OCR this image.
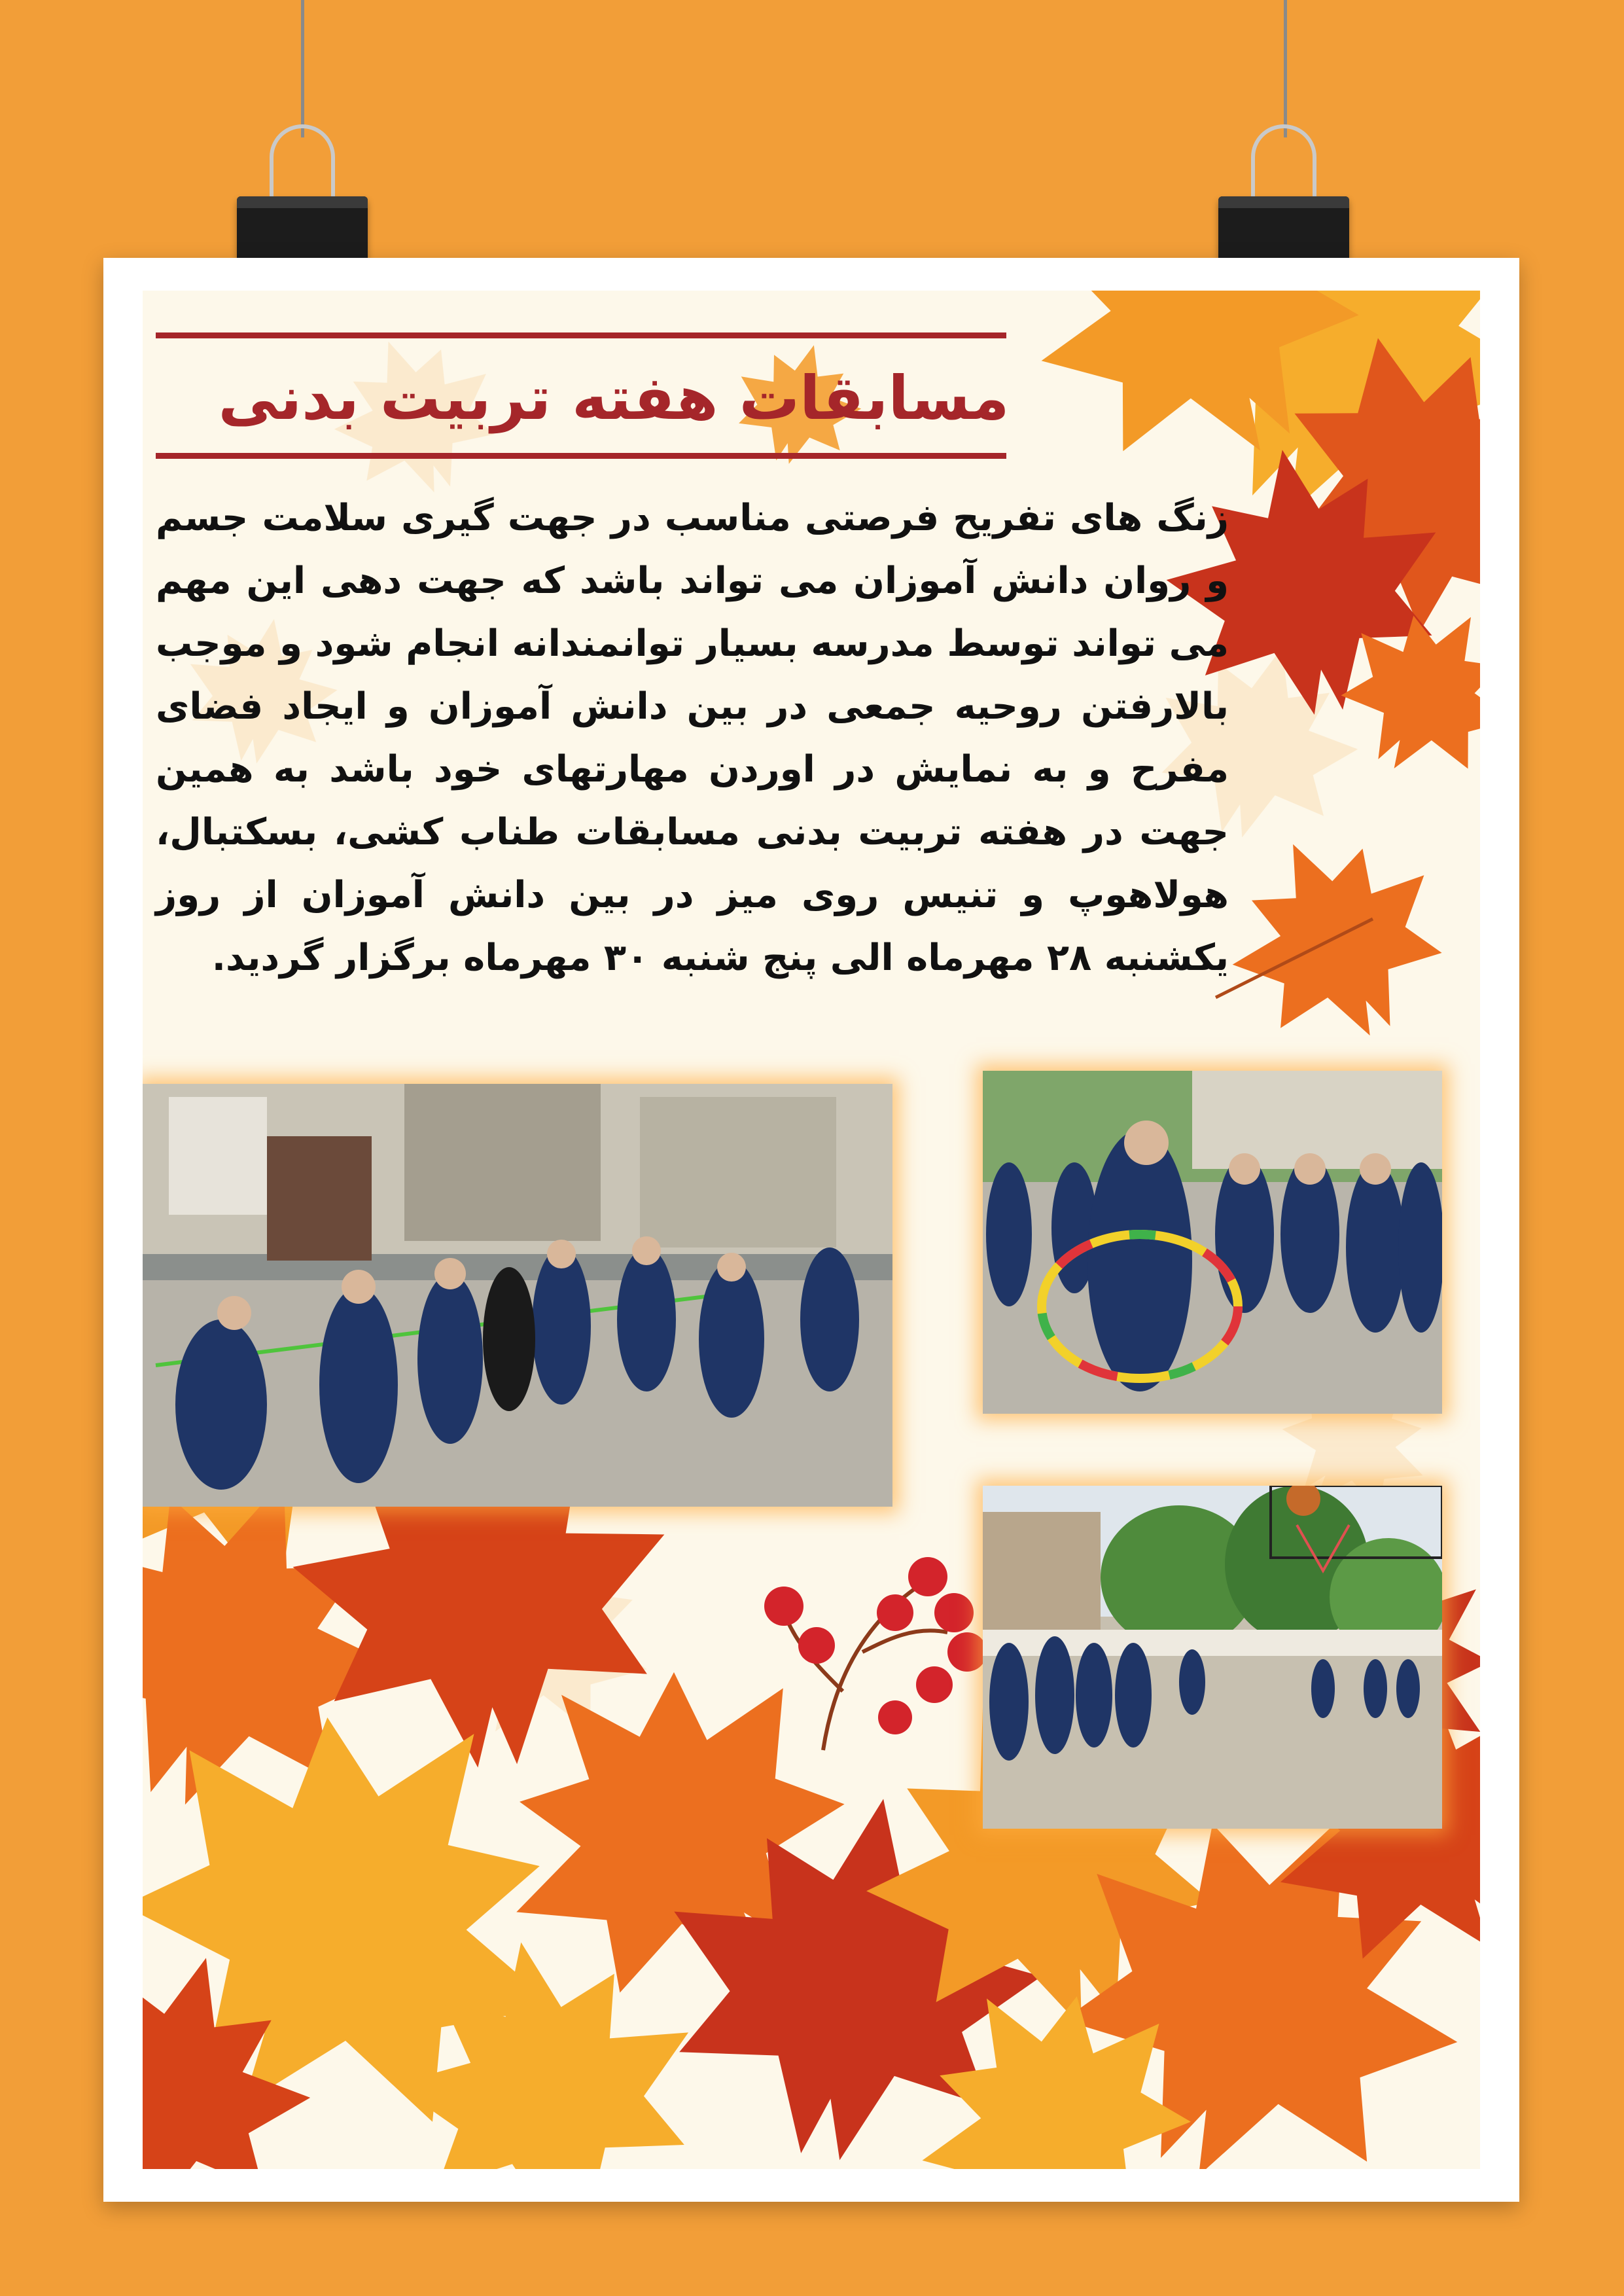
مسابقات هفته تربیت بدنی

زنگ های تفریح فرصتی مناسب در جهت گیری سلامت جسم و روان دانش آموزان می تواند باشد که جهت دهی این مهم می تواند توسط مدرسه بسیار توانمندانه انجام شود و موجب بالارفتن روحیه جمعی در بین دانش آموزان و ایجاد فضای مفرح و به نمایش در اوردن مهارتهای خود باشد به همین جهت در هفته تربیت بدنی مسابقات طناب کشی، بسکتبال، هولاهوپ و تنیس روی میز در بین دانش آموزان از روز یکشنبه ۲۸ مهرماه الی پنج شنبه ۳۰ مهرماه برگزار گردید.
